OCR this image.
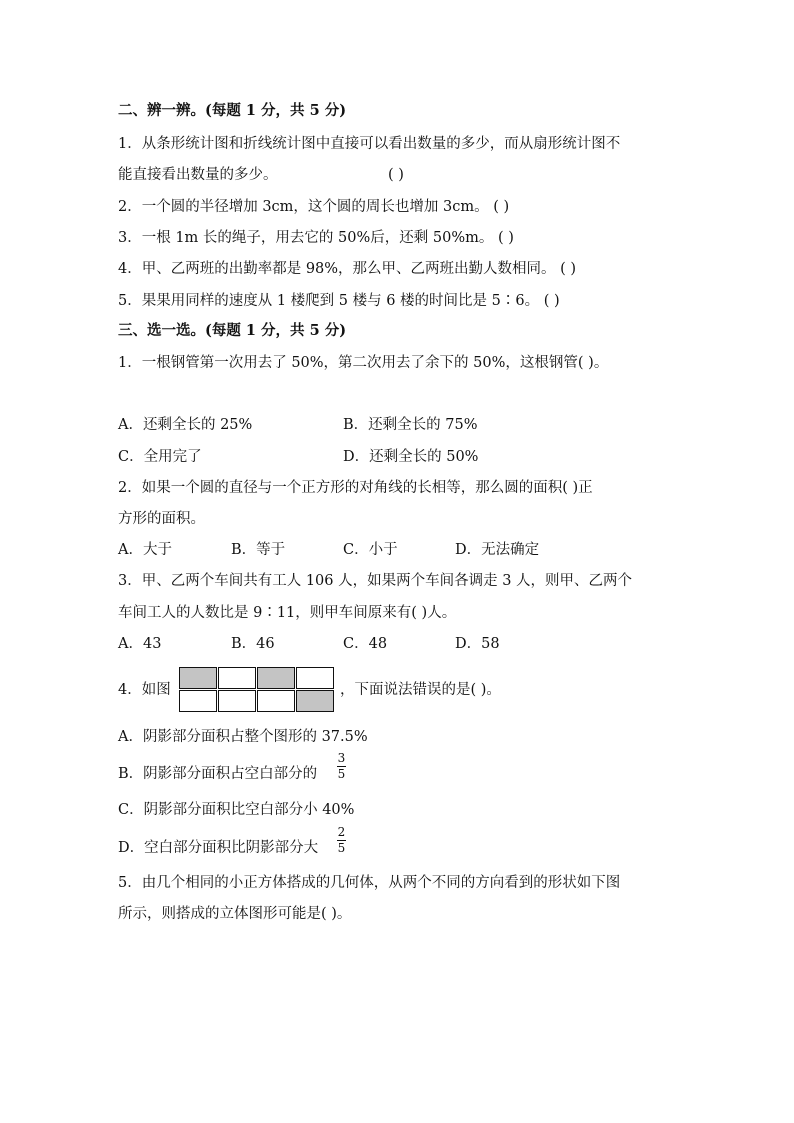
二、辨一辨。(每题 1 分，共 5 分)
1．从条形统计图和折线统计图中直接可以看出数量的多少，而从扇形统计图不
能直接看出数量的多少。	( )
2．一个圆的半径增加 3cm，这个圆的周长也增加 3cm。 ( )
3．一根 1m 长的绳子，用去它的 50%后，还剩 50%m。 ( )
4．甲、乙两班的出勤率都是 98%，那么甲、乙两班出勤人数相同。 ( )
5．果果用同样的速度从 1 楼爬到 5 楼与 6 楼的时间比是 5∶6。 ( )
三、选一选。(每题 1 分，共 5 分)
1．一根钢管第一次用去了 50%，第二次用去了余下的 50%，这根钢管( )。
A．还剩全长的 25%	B．还剩全长的 75%
C．全用完了	D．还剩全长的 50%
2．如果一个圆的直径与一个正方形的对角线的长相等，那么圆的面积( )正
方形的面积。
A．大于	B．等于	C．小于	D．无法确定
3．甲、乙两个车间共有工人 106 人，如果两个车间各调走 3 人，则甲、乙两个
车间工人的人数比是 9∶11，则甲车间原来有( )人。
A．43	B．46	C．48	D．58
4．如图	，下面说法错误的是( )。
A．阴影部分面积占整个图形的 37.5%
B．阴影部分面积占空白部分的
3
5
C．阴影部分面积比空白部分小 40%
D．空白部分面积比阴影部分大
2
5
5．由几个相同的小正方体搭成的几何体，从两个不同的方向看到的形状如下图
所示，则搭成的立体图形可能是( )。
